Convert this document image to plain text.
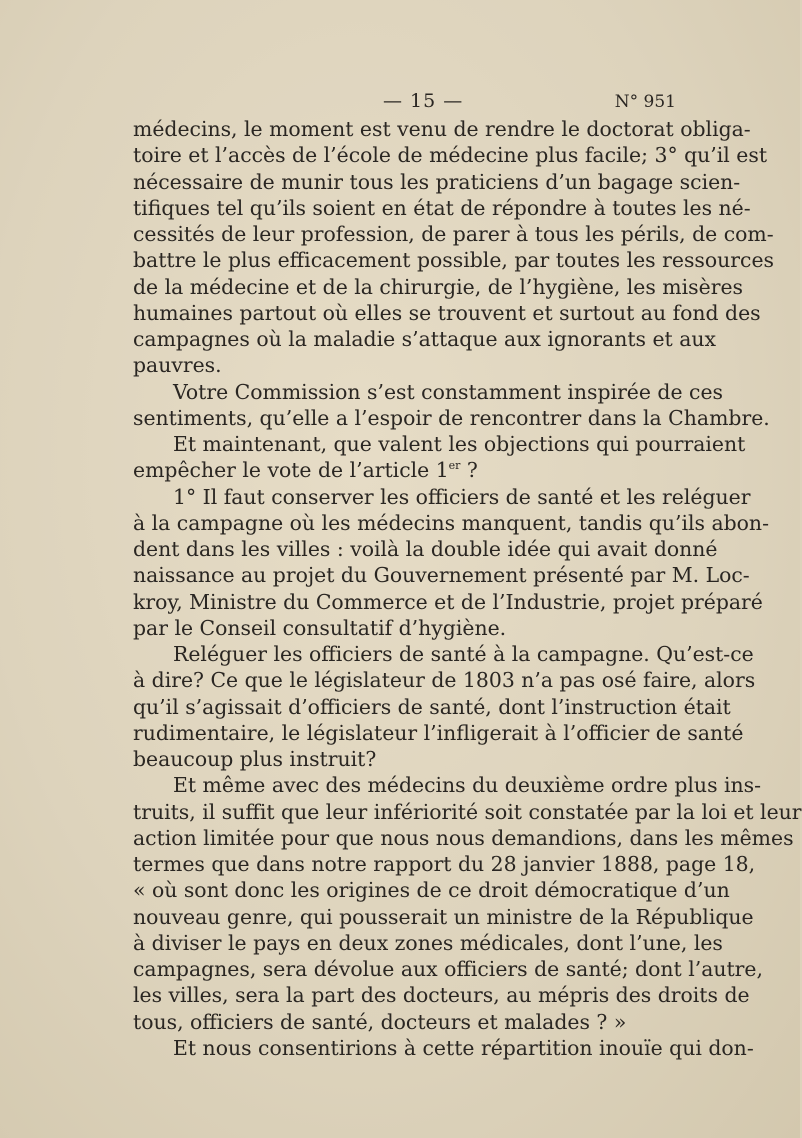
— 15 —	N° 951
médecins, le moment est venu de rendre le doctorat obliga-
toire et l’accès de l’école de médecine plus facile; 3° qu’il est
nécessaire de munir tous les praticiens d’un bagage scien-
tifiques tel qu’ils soient en état de répondre à toutes les né-
cessités de leur profession, de parer à tous les périls, de com-
battre le plus efficacement possible, par toutes les ressources
de la médecine et de la chirurgie, de l’hygiène, les misères
humaines partout où elles se trouvent et surtout au fond des
campagnes où la maladie s’attaque aux ignorants et aux
pauvres.
Votre Commission s’est constamment inspirée de ces
sentiments, qu’elle a l’espoir de rencontrer dans la Chambre.
Et maintenant, que valent les objections qui pourraient
empêcher le vote de l’article 1er ?
1° Il faut conserver les officiers de santé et les reléguer
à la campagne où les médecins manquent, tandis qu’ils abon-
dent dans les villes : voilà la double idée qui avait donné
naissance au projet du Gouvernement présenté par M. Loc-
kroy, Ministre du Commerce et de l’Industrie, projet préparé
par le Conseil consultatif d’hygiène.
Reléguer les officiers de santé à la campagne. Qu’est-ce
à dire? Ce que le législateur de 1803 n’a pas osé faire, alors
qu’il s’agissait d’officiers de santé, dont l’instruction était
rudimentaire, le législateur l’infligerait à l’officier de santé
beaucoup plus instruit?
Et même avec des médecins du deuxième ordre plus ins-
truits, il suffit que leur infériorité soit constatée par la loi et leur
action limitée pour que nous nous demandions, dans les mêmes
termes que dans notre rapport du 28 janvier 1888, page 18,
« où sont donc les origines de ce droit démocratique d’un
nouveau genre, qui pousserait un ministre de la République
à diviser le pays en deux zones médicales, dont l’une, les
campagnes, sera dévolue aux officiers de santé; dont l’autre,
les villes, sera la part des docteurs, au mépris des droits de
tous, officiers de santé, docteurs et malades ? »
Et nous consentirions à cette répartition inouïe qui don-
